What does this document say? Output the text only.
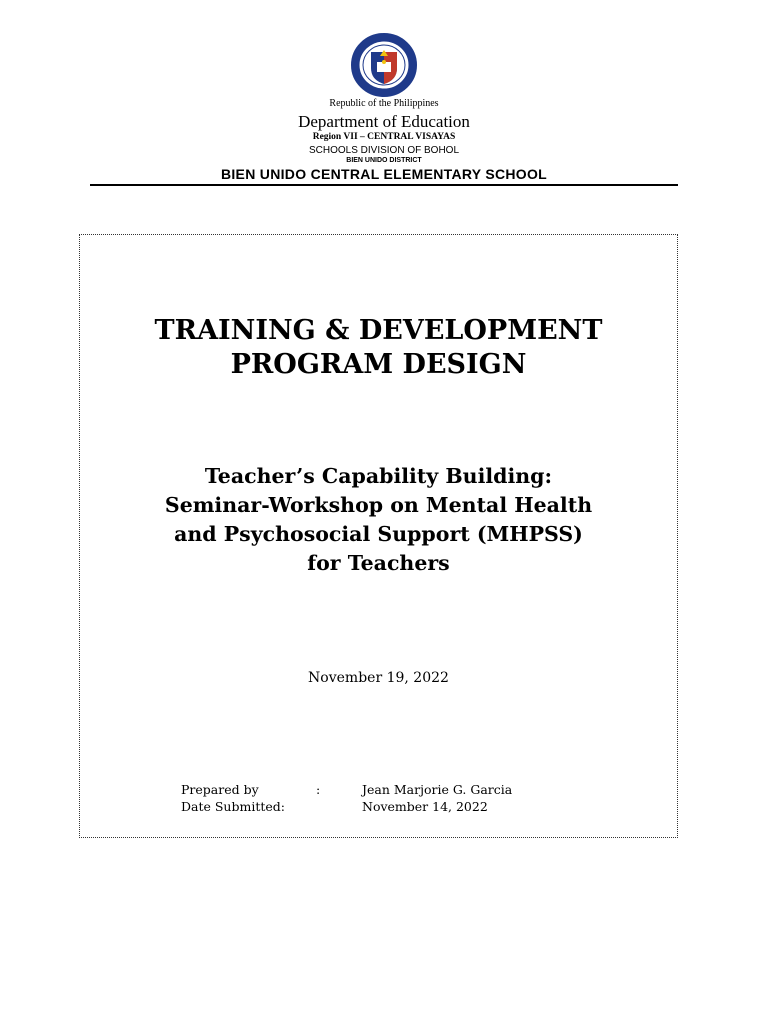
Republic of the Philippines
Department of Education
Region VII – CENTRAL VISAYAS
SCHOOLS DIVISION OF BOHOL
BIEN UNIDO DISTRICT
BIEN UNIDO CENTRAL ELEMENTARY SCHOOL
TRAINING & DEVELOPMENT
PROGRAM DESIGN
Teacher’s Capability Building:
Seminar-Workshop on Mental Health
and Psychosocial Support (MHPSS)
for Teachers
November 19, 2022
Prepared by	:	Jean Marjorie G. Garcia
Date Submitted:	November 14, 2022
